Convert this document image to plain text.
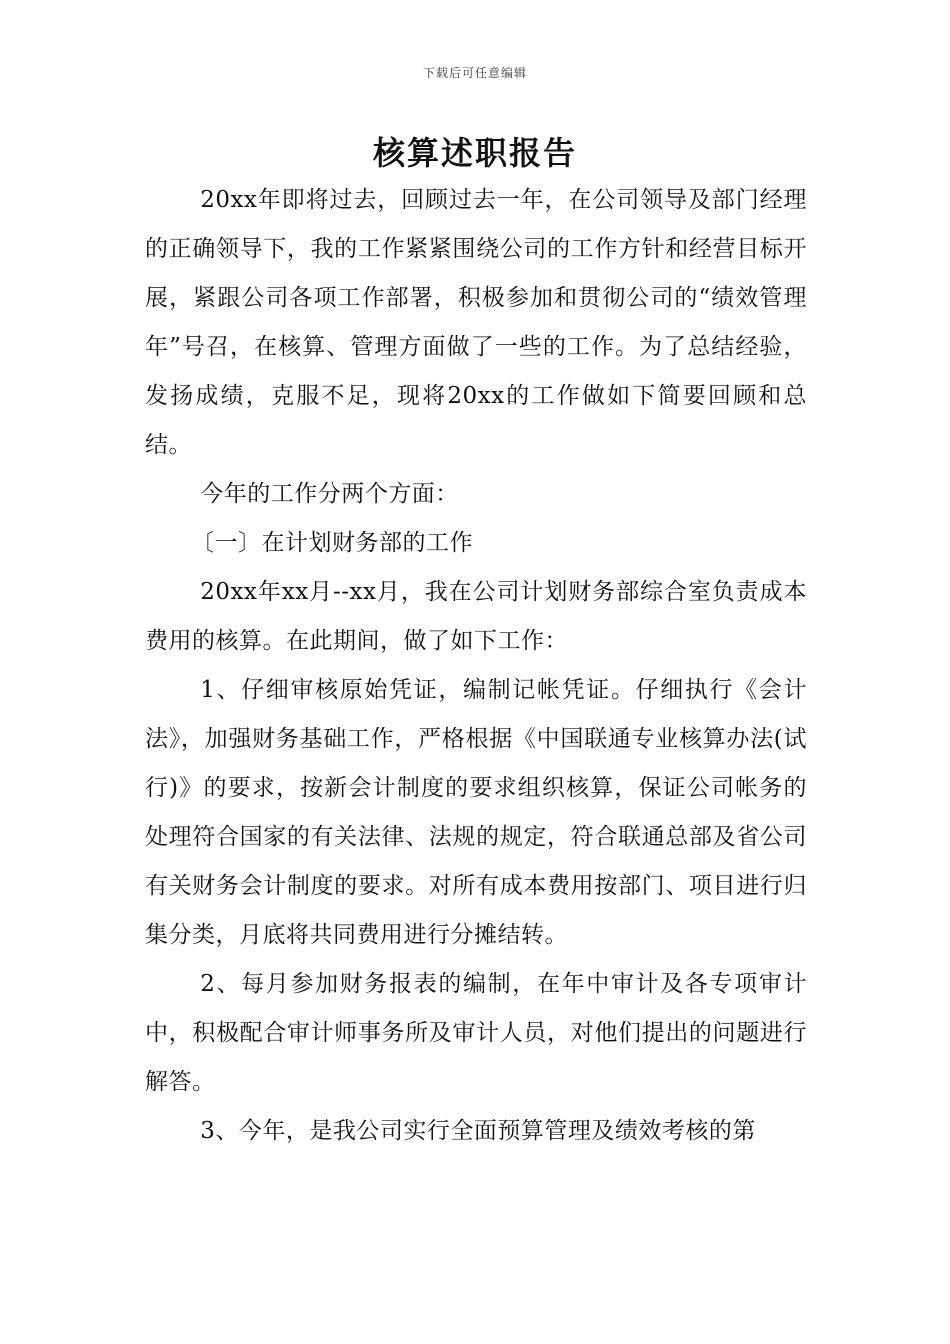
下载后可任意编辑
核算述职报告

20xx年即将过去，回顾过去一年，在公司领导及部门经理的正确领导下，我的工作紧紧围绕公司的工作方针和经营目标开展，紧跟公司各项工作部署，积极参加和贯彻公司的“绩效管理年”号召，在核算、管理方面做了一些的工作。为了总结经验，发扬成绩，克服不足，现将20xx的工作做如下简要回顾和总结。

今年的工作分两个方面：

〔一〕在计划财务部的工作

20xx年xx月--xx月，我在公司计划财务部综合室负责成本费用的核算。在此期间，做了如下工作：

1、仔细审核原始凭证，编制记帐凭证。仔细执行《会计法》，加强财务基础工作，严格根据《中国联通专业核算办法(试行)》的要求，按新会计制度的要求组织核算，保证公司帐务的处理符合国家的有关法律、法规的规定，符合联通总部及省公司有关财务会计制度的要求。对所有成本费用按部门、项目进行归集分类，月底将共同费用进行分摊结转。

2、每月参加财务报表的编制，在年中审计及各专项审计中，积极配合审计师事务所及审计人员，对他们提出的问题进行解答。

3、今年，是我公司实行全面预算管理及绩效考核的第
